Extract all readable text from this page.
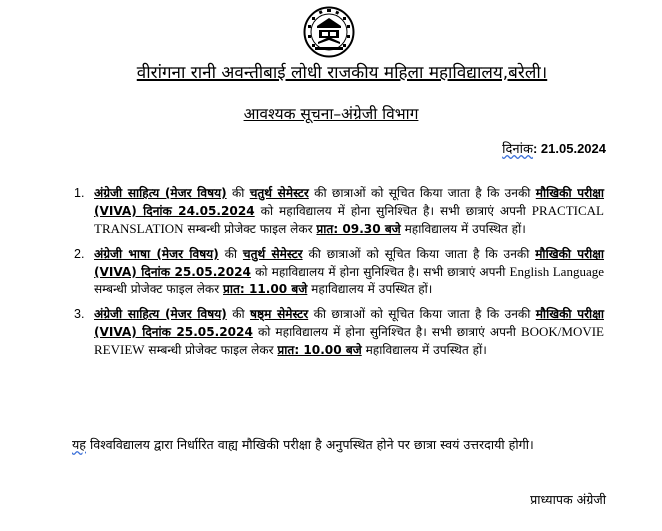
वीरांगना रानी अवन्तीबाई लोधी राजकीय महिला महाविद्यालय,बरेली।
आवश्यक सूचना–अंग्रेजी विभाग
दिनांक: 21.05.2024
1. अंग्रेजी साहित्य (मेजर विषय) की चतुर्थ सेमेस्टर की छात्राओं को सूचित किया जाता है कि उनकी मौखिकी परीक्षा (VIVA) दिनांक 24.05.2024 को महाविद्यालय में होना सुनिश्चित है। सभी छात्राएं अपनी PRACTICAL TRANSLATION सम्बन्धी प्रोजेक्ट फाइल लेकर प्रात: 09.30 बजे महाविद्यालय में उपस्थित हों।
2. अंग्रेजी भाषा (मेजर विषय) की चतुर्थ सेमेस्टर की छात्राओं को सूचित किया जाता है कि उनकी मौखिकी परीक्षा (VIVA) दिनांक 25.05.2024 को महाविद्यालय में होना सुनिश्चित है। सभी छात्राएं अपनी English Language सम्बन्धी प्रोजेक्ट फाइल लेकर प्रात: 11.00 बजे महाविद्यालय में उपस्थित हों।
3. अंग्रेजी साहित्य (मेजर विषय) की षष्ठ्म सेमेस्टर की छात्राओं को सूचित किया जाता है कि उनकी मौखिकी परीक्षा (VIVA) दिनांक 25.05.2024 को महाविद्यालय में होना सुनिश्चित है। सभी छात्राएं अपनी BOOK/MOVIE REVIEW सम्बन्धी प्रोजेक्ट फाइल लेकर प्रात: 10.00 बजे महाविद्यालय में उपस्थित हों।
यह विश्वविद्यालय द्वारा निर्धारित वाह्य मौखिकी परीक्षा है अनुपस्थित होने पर छात्रा स्वयं उत्तरदायी होगी।
प्राध्यापक अंग्रेजी
